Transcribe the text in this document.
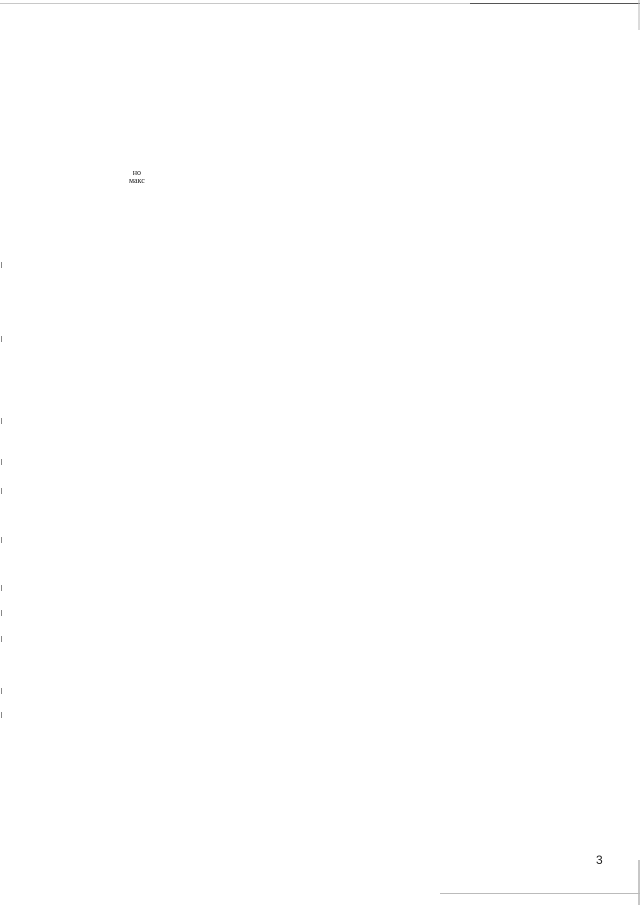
но
макс

3
